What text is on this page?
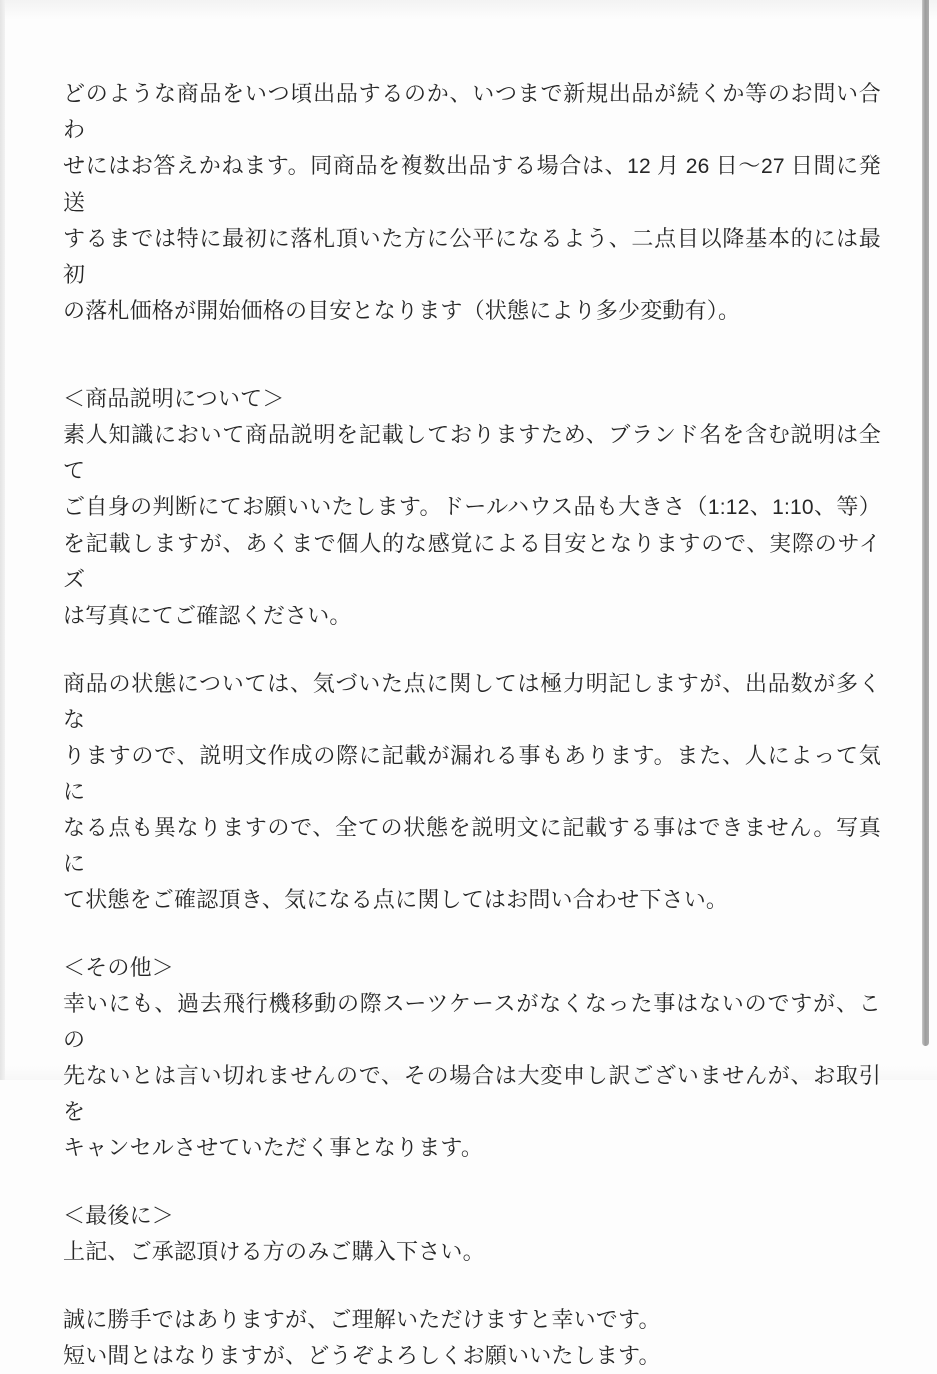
どのような商品をいつ頃出品するのか、いつまで新規出品が続くか等のお問い合わ
せにはお答えかねます。同商品を複数出品する場合は、12 月 26 日〜27 日間に発送
するまでは特に最初に落札頂いた方に公平になるよう、二点目以降基本的には最初
の落札価格が開始価格の目安となります（状態により多少変動有）。
＜商品説明について＞
素人知識において商品説明を記載しておりますため、ブランド名を含む説明は全て
ご自身の判断にてお願いいたします。ドールハウス品も大きさ（1:12、1:10、等）
を記載しますが、あくまで個人的な感覚による目安となりますので、実際のサイズ
は写真にてご確認ください。
商品の状態については、気づいた点に関しては極力明記しますが、出品数が多くな
りますので、説明文作成の際に記載が漏れる事もあります。また、人によって気に
なる点も異なりますので、全ての状態を説明文に記載する事はできません。写真に
て状態をご確認頂き、気になる点に関してはお問い合わせ下さい。
＜その他＞
幸いにも、過去飛行機移動の際スーツケースがなくなった事はないのですが、この
先ないとは言い切れませんので、その場合は大変申し訳ございませんが、お取引を
キャンセルさせていただく事となります。
＜最後に＞
上記、ご承認頂ける方のみご購入下さい。
誠に勝手ではありますが、ご理解いただけますと幸いです。
短い間とはなりますが、どうぞよろしくお願いいたします。
